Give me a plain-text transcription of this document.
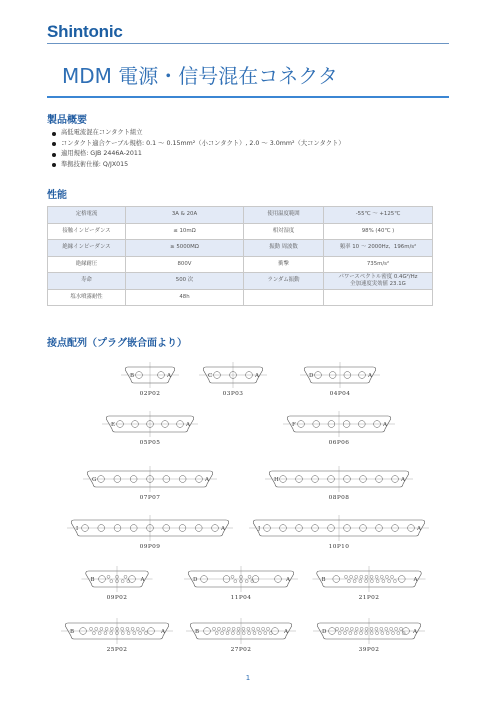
Shintonic
MDM 電源・信号混在コネクタ
製品概要
高低電流混在コンタクト組立
コンタクト適合ケーブル規格: 0.1 ～ 0.15mm²（小コンタクト）, 2.0 ～ 3.0mm²（大コンタクト）
適用規格: GJB 2446A-2011
準拠技術仕様: Q/JX015
性能
定格電流	3A & 20A	使用温度範囲	-55℃ ～ +125℃
接触インピーダンス	≤ 10mΩ	相対湿度	98% (40℃ )
絶縁インピーダンス	≥ 5000MΩ	振動 周波数	頻率 10 ～ 2000Hz、196m/s²
絶縁耐圧	800V	衝撃	735m/s²
寿命	500 次	ランダム振動	パワースペクトル密度 0.4G²/Hz
全加速度実効値 23.1G
塩水噴霧耐性	48h		
接点配列（プラグ嵌合面より）
B	A
02P02
C	A
03P03
D	A
04P04
E	A
05P05
F	A
06P06
G	A
07P07
H	A
08P08
I	A
09P09
J	A
10P10
B	A
09P02
D	A
11P04
B	A
21P02
B	A
25P02
B	A
27P02
D	A
39P02
1
